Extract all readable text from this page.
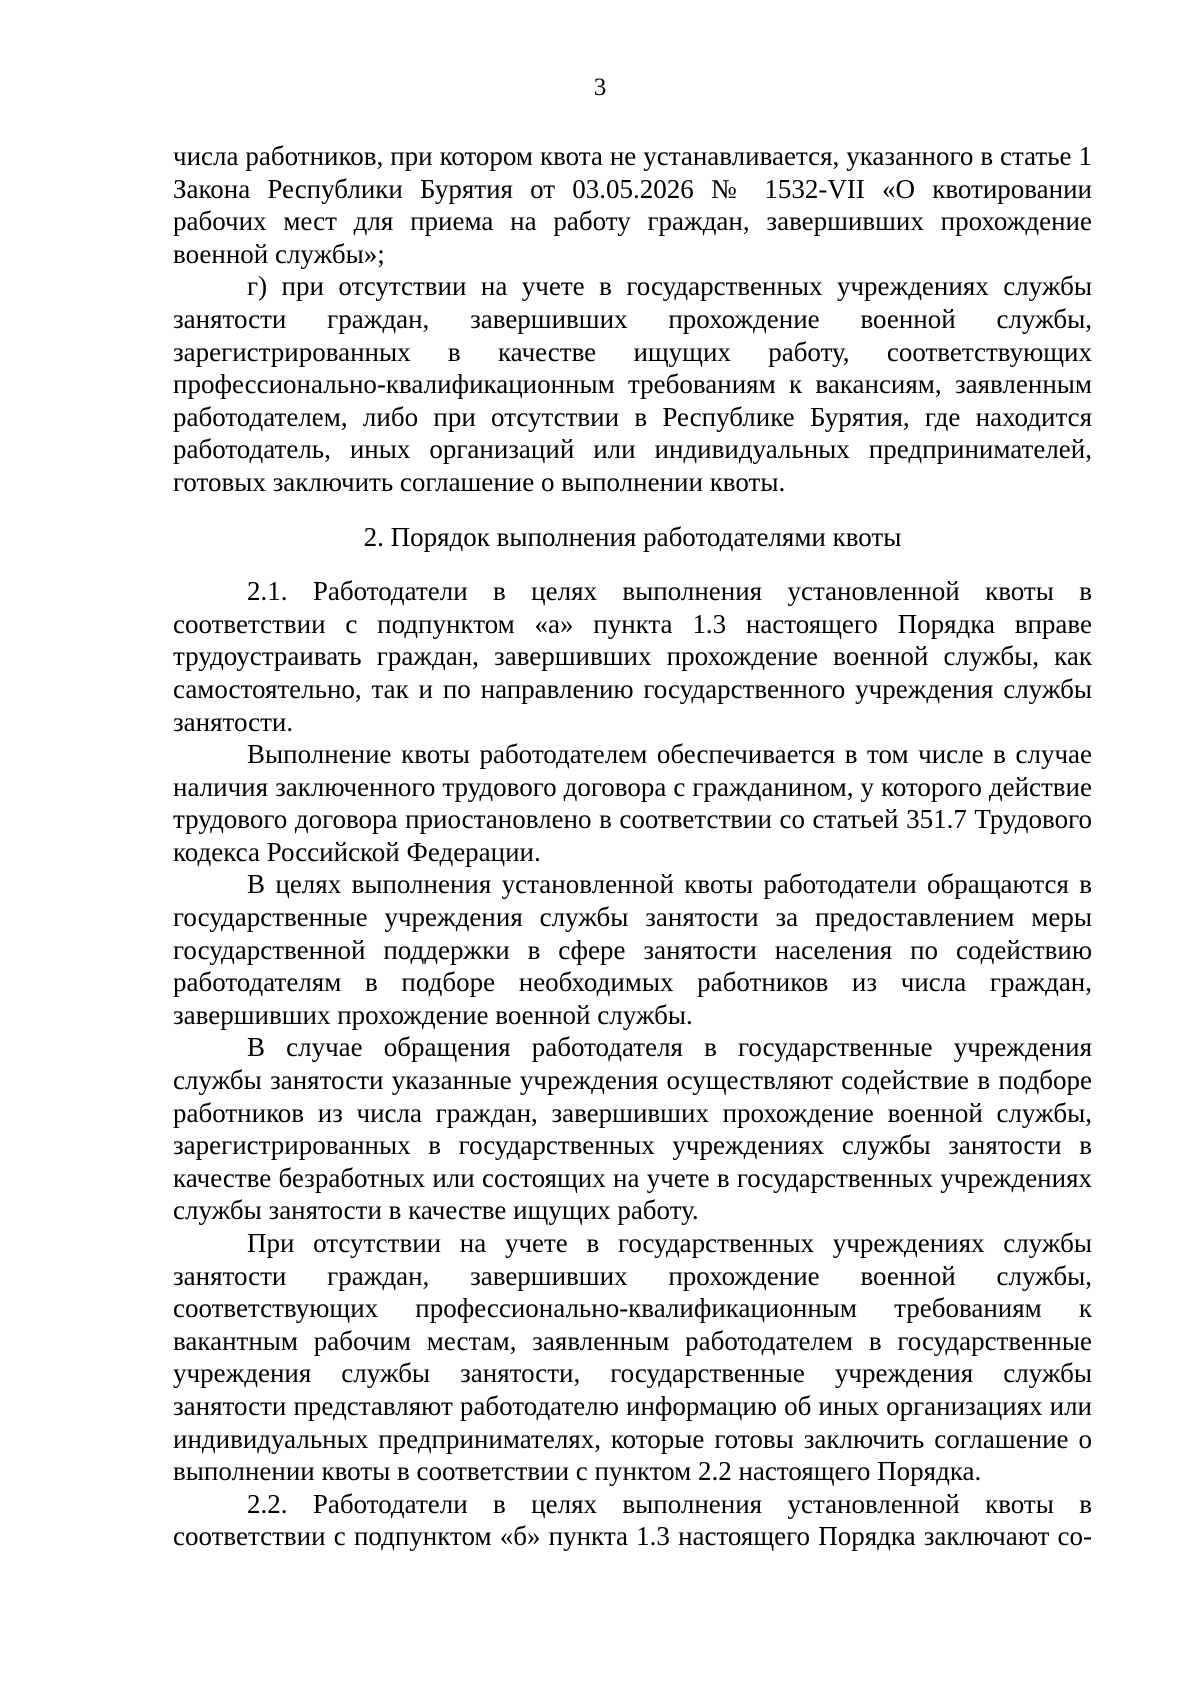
3

числа работников, при котором квота не устанавливается, указанного в статье 1 Закона Республики Бурятия от 03.05.2026 № 1532-VII «О квотировании рабочих мест для приема на работу граждан, завершивших прохождение военной службы»;

г) при отсутствии на учете в государственных учреждениях службы занятости граждан, завершивших прохождение военной службы, зарегистрированных в качестве ищущих работу, соответствующих профессионально-квалификационным требованиям к вакансиям, заявленным работодателем, либо при отсутствии в Республике Бурятия, где находится работодатель, иных организаций или индивидуальных предпринимателей, готовых заключить соглашение о выполнении квоты.

2. Порядок выполнения работодателями квоты

2.1. Работодатели в целях выполнения установленной квоты в соответствии с подпунктом «а» пункта 1.3 настоящего Порядка вправе трудоустраивать граждан, завершивших прохождение военной службы, как самостоятельно, так и по направлению государственного учреждения службы занятости.

Выполнение квоты работодателем обеспечивается в том числе в случае наличия заключенного трудового договора с гражданином, у которого действие трудового договора приостановлено в соответствии со статьей 351.7 Трудового кодекса Российской Федерации.

В целях выполнения установленной квоты работодатели обращаются в государственные учреждения службы занятости за предоставлением меры государственной поддержки в сфере занятости населения по содействию работодателям в подборе необходимых работников из числа граждан, завершивших прохождение военной службы.

В случае обращения работодателя в государственные учреждения службы занятости указанные учреждения осуществляют содействие в подборе работников из числа граждан, завершивших прохождение военной службы, зарегистрированных в государственных учреждениях службы занятости в качестве безработных или состоящих на учете в государственных учреждениях службы занятости в качестве ищущих работу.

При отсутствии на учете в государственных учреждениях службы занятости граждан, завершивших прохождение военной службы, соответствующих профессионально-квалификационным требованиям к вакантным рабочим местам, заявленным работодателем в государственные учреждения службы занятости, государственные учреждения службы занятости представляют работодателю информацию об иных организациях или индивидуальных предпринимателях, которые готовы заключить соглашение о выполнении квоты в соответствии с пунктом 2.2 настоящего Порядка.

2.2. Работодатели в целях выполнения установленной квоты в соответствии с подпунктом «б» пункта 1.3 настоящего Порядка заключают со-
